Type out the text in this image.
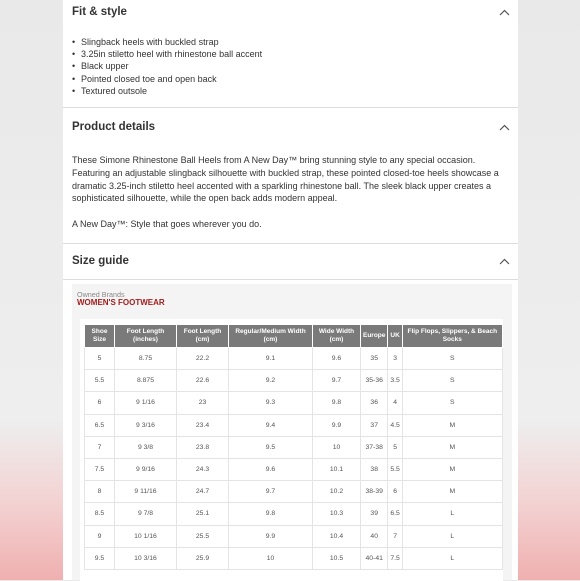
Fit & style
• Slingback heels with buckled strap
• 3.25in stiletto heel with rhinestone ball accent
• Black upper
• Pointed closed toe and open back
• Textured outsole
Product details

These Simone Rhinestone Ball Heels from A New Day™ bring stunning style to any special occasion. Featuring an adjustable slingback silhouette with buckled strap, these pointed closed-toe heels showcase a dramatic 3.25-inch stiletto heel accented with a sparkling rhinestone ball. The sleek black upper creates a sophisticated silhouette, while the open back adds modern appeal.

A New Day™: Style that goes wherever you do.

Size guide
Owned Brands
WOMEN'S FOOTWEAR
Shoe Size	Foot Length (inches)	Foot Length (cm)	Regular/Medium Width (cm)	Wide Width (cm)	Europe	UK	Flip Flops, Slippers, & Beach Socks
5	8.75	22.2	9.1	9.6	35	3	S
5.5	8.875	22.6	9.2	9.7	35-36	3.5	S
6	9 1/16	23	9.3	9.8	36	4	S
6.5	9 3/16	23.4	9.4	9.9	37	4.5	M
7	9 3/8	23.8	9.5	10	37-38	5	M
7.5	9 9/16	24.3	9.6	10.1	38	5.5	M
8	9 11/16	24.7	9.7	10.2	38-39	6	M
8.5	9 7/8	25.1	9.8	10.3	39	6.5	L
9	10 1/16	25.5	9.9	10.4	40	7	L
9.5	10 3/16	25.9	10	10.5	40-41	7.5	L
